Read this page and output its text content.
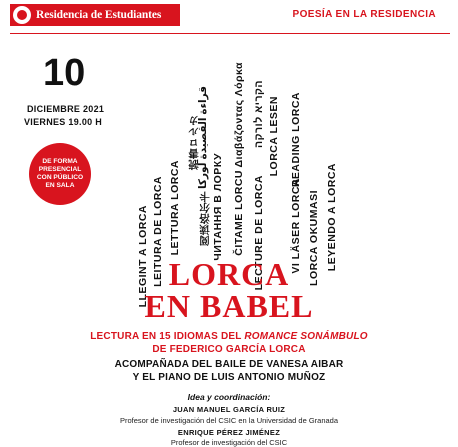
Residencia de Estudiantes	POESÍA EN LA RESIDENCIA
10
DICIEMBRE 2021
VIERNES 19.00 H
DE FORMA
PRESENCIAL
CON PÚBLICO
EN SALA
LLEGINT A LORCA LEITURA DE LORCA LETTURA LORCA
読書ロルカ
阅读洛尔卡
قراءة القصيدة لوركا
ЧИТАННЯ В ЛОРКУ ČITAME LORCU
Διαβάζοντας Λόρκα
LECTURE DE LORCA
הקריא לורקה LORCA LESEN
VI LÄSER LORCA
READING LORCA
LORCA OKUMASI LEYENDO A LORCA
LORCA
EN BABEL
LECTURA EN 15 IDIOMAS DEL ROMANCE SONÁMBULO
DE FEDERICO GARCÍA LORCA
ACOMPAÑADA DEL BAILE DE VANESA AIBAR
Y EL PIANO DE LUIS ANTONIO MUÑOZ
Idea y coordinación:
JUAN MANUEL GARCÍA RUIZ
Profesor de investigación del CSIC en la Universidad de Granada
ENRIQUE PÉREZ JIMÉNEZ
Profesor de investigación del CSIC
